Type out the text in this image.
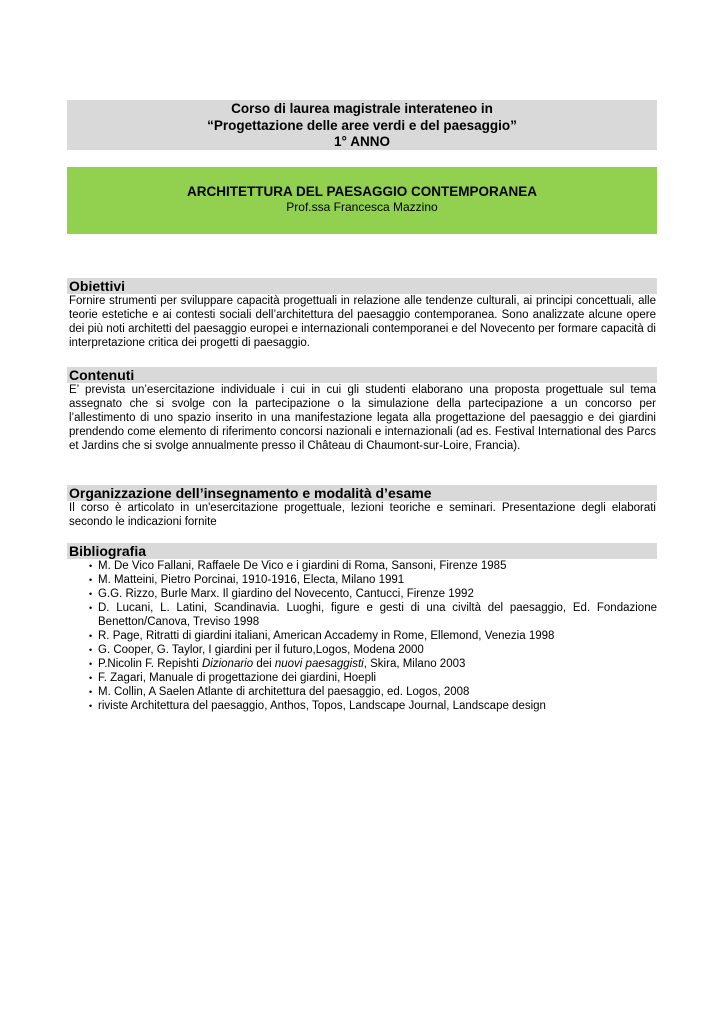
Corso di laurea magistrale interateneo in
“Progettazione delle aree verdi e del paesaggio”
1° ANNO
ARCHITETTURA DEL PAESAGGIO CONTEMPORANEA
Prof.ssa Francesca Mazzino
Obiettivi
Fornire strumenti per sviluppare capacità progettuali in relazione alle tendenze culturali, ai principi concettuali, alle teorie estetiche e ai contesti sociali dell’architettura del paesaggio contemporanea. Sono analizzate alcune opere dei più noti architetti del paesaggio europei e internazionali contemporanei e del Novecento per formare capacità di interpretazione critica dei progetti di paesaggio.
Contenuti
E’ prevista un’esercitazione individuale i cui in cui gli studenti elaborano una proposta progettuale sul tema assegnato che si svolge con la partecipazione o la simulazione della partecipazione a un concorso per l’allestimento di uno spazio inserito in una manifestazione legata alla progettazione del paesaggio e dei giardini prendendo come elemento di riferimento concorsi nazionali e internazionali (ad es. Festival International des Parcs et Jardins che si svolge annualmente presso il Château di Chaumont-sur-Loire, Francia).
Organizzazione dell’insegnamento e modalità d’esame
Il corso è articolato in un'esercitazione progettuale, lezioni teoriche e seminari. Presentazione degli elaborati secondo le indicazioni fornite
Bibliografia
• M. De Vico Fallani, Raffaele De Vico e i giardini di Roma, Sansoni, Firenze 1985
• M. Matteini, Pietro Porcinai, 1910-1916, Electa, Milano 1991
• G.G. Rizzo, Burle Marx. Il giardino del Novecento, Cantucci, Firenze 1992
• D. Lucani, L. Latini, Scandinavia. Luoghi, figure e gesti di una civiltà del paesaggio, Ed. Fondazione Benetton/Canova, Treviso 1998
• R. Page, Ritratti di giardini italiani, American Accademy in Rome, Ellemond, Venezia 1998
• G. Cooper, G. Taylor, I giardini per il futuro,Logos, Modena 2000
• P.Nicolin F. Repishti Dizionario dei nuovi paesaggisti, Skira, Milano 2003
• F. Zagari, Manuale di progettazione dei giardini, Hoepli
• M. Collin, A Saelen Atlante di architettura del paesaggio, ed. Logos, 2008
• riviste Architettura del paesaggio, Anthos, Topos, Landscape Journal, Landscape design
